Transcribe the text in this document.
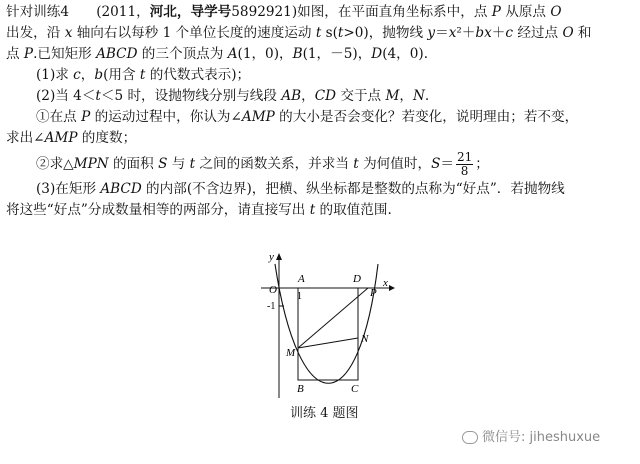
针对训练4　　(2011，河北，导学号5892921)如图，在平面直角坐标系中，点 P 从原点 O
出发，沿 x 轴向右以每秒 1 个单位长度的速度运动 t s(t>0)，抛物线 y＝x²＋bx＋c 经过点 O 和
点 P.已知矩形 ABCD 的三个顶点为 A(1，0)，B(1，－5)，D(4，0).
(1)求 c，b(用含 t 的代数式表示)；
(2)当 4＜t＜5 时，设抛物线分别与线段 AB，CD 交于点 M，N.
①在点 P 的运动过程中，你认为∠AMP 的大小是否会变化？若变化，说明理由；若不变，
求出∠AMP 的度数；
②求△MPN 的面积 S 与 t 之间的函数关系，并求当 t 为何值时，$S= \frac{21}{8}$ ；
(3)在矩形 ABCD 的内部(不含边界)，把横、纵坐标都是整数的点称为“好点”．若抛物线
将这些“好点”分成数量相等的两部分，请直接写出 t 的取值范围.
y
x
O
1
-1
A	D
P
M
N
B	C
训练 4 题图
微信号: jiheshuxue
